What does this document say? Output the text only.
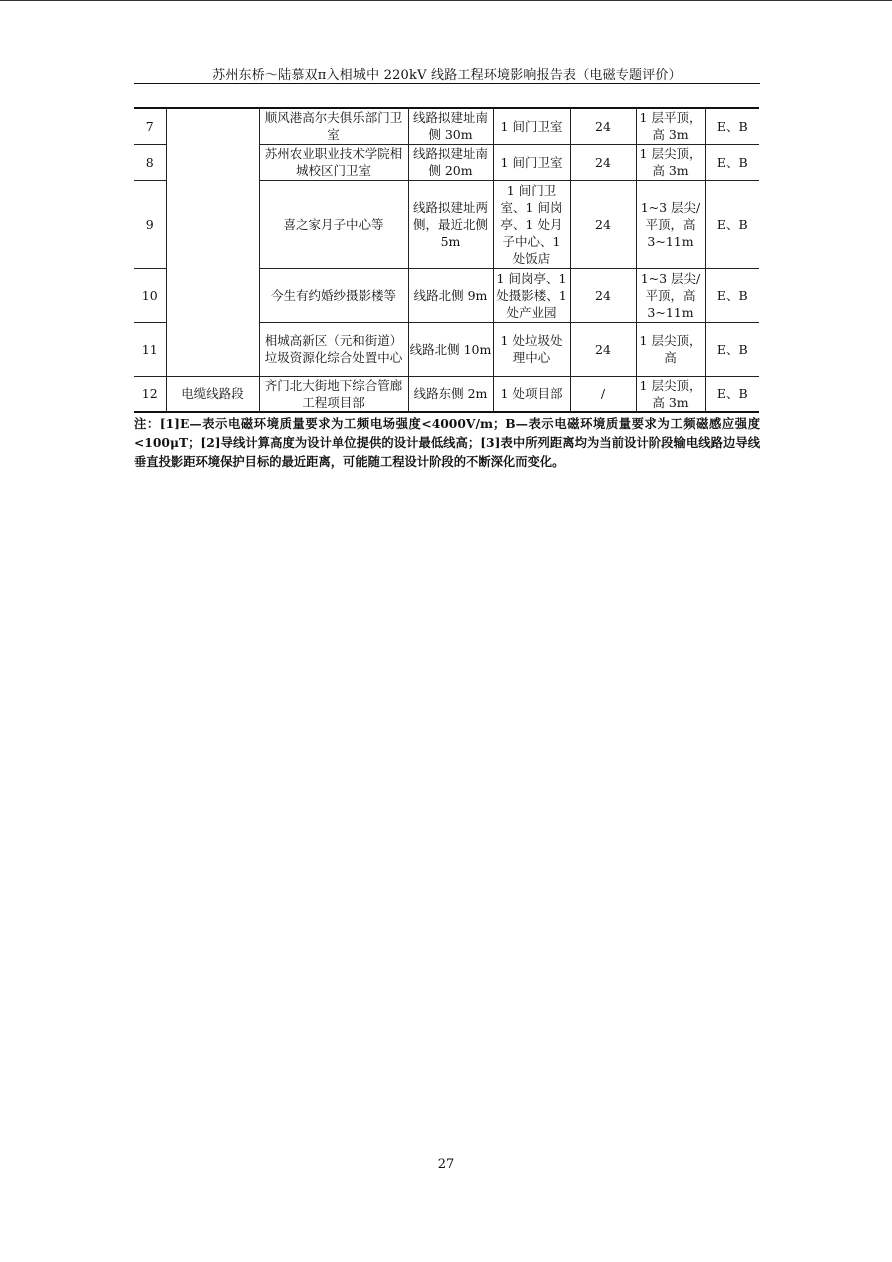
苏州东桥～陆慕双π入相城中 220kV 线路工程环境影响报告表（电磁专题评价）
7		顺风港高尔夫俱乐部门卫室	线路拟建址南侧 30m	1 间门卫室	24	1 层平顶，高 3m	E、B
8		苏州农业职业技术学院相城校区门卫室	线路拟建址南侧 20m	1 间门卫室	24	1 层尖顶，高 3m	E、B
9		喜之家月子中心等	线路拟建址两侧，最近北侧 5m	1 间门卫室、1 间岗亭、1 处月子中心、1 处饭店	24	1~3 层尖/平顶，高 3~11m	E、B
10		今生有约婚纱摄影楼等	线路北侧 9m	1 间岗亭、1 处摄影楼、1 处产业园	24	1~3 层尖/平顶，高 3~11m	E、B
11		相城高新区（元和街道）垃圾资源化综合处置中心	线路北侧 10m	1 处垃圾处理中心	24	1 层尖顶，高	E、B
12	电缆线路段	齐门北大街地下综合管廊工程项目部	线路东侧 2m	1 处项目部	/	1 层尖顶，高 3m	E、B
注：[1]E—表示电磁环境质量要求为工频电场强度<4000V/m；B—表示电磁环境质量要求为工频磁感应强度<100μT；[2]导线计算高度为设计单位提供的设计最低线高；[3]表中所列距离均为当前设计阶段输电线路边导线垂直投影距环境保护目标的最近距离，可能随工程设计阶段的不断深化而变化。
27
